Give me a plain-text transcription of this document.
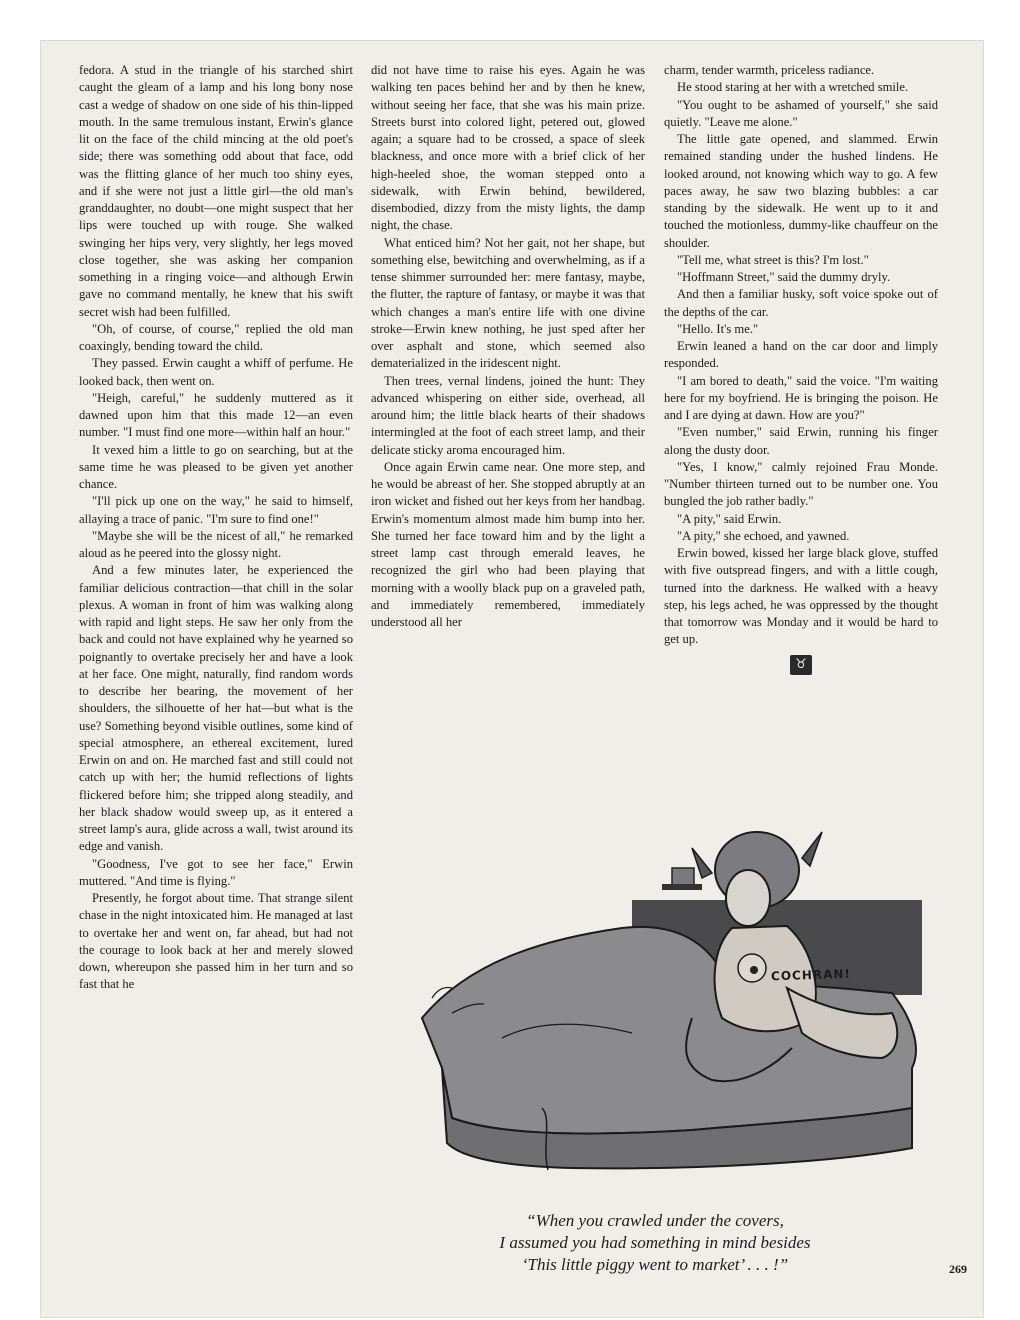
fedora. A stud in the triangle of his starched shirt caught the gleam of a lamp and his long bony nose cast a wedge of shadow on one side of his thin-lipped mouth. In the same tremulous instant, Erwin's glance lit on the face of the child mincing at the old poet's side; there was something odd about that face, odd was the flitting glance of her much too shiny eyes, and if she were not just a little girl—the old man's granddaughter, no doubt—one might suspect that her lips were touched up with rouge. She walked swinging her hips very, very slightly, her legs moved close together, she was asking her companion something in a ringing voice—and although Erwin gave no command mentally, he knew that his swift secret wish had been fulfilled.

"Oh, of course, of course," replied the old man coaxingly, bending toward the child.

They passed. Erwin caught a whiff of perfume. He looked back, then went on.

"Heigh, careful," he suddenly muttered as it dawned upon him that this made 12—an even number. "I must find one more—within half an hour."

It vexed him a little to go on searching, but at the same time he was pleased to be given yet another chance.

"I'll pick up one on the way," he said to himself, allaying a trace of panic. "I'm sure to find one!"

"Maybe she will be the nicest of all," he remarked aloud as he peered into the glossy night.

And a few minutes later, he experienced the familiar delicious contraction—that chill in the solar plexus. A woman in front of him was walking along with rapid and light steps. He saw her only from the back and could not have explained why he yearned so poignantly to overtake precisely her and have a look at her face. One might, naturally, find random words to describe her bearing, the movement of her shoulders, the silhouette of her hat—but what is the use? Something beyond visible outlines, some kind of special atmosphere, an ethereal excitement, lured Erwin on and on. He marched fast and still could not catch up with her; the humid reflections of lights flickered before him; she tripped along steadily, and her black shadow would sweep up, as it entered a street lamp's aura, glide across a wall, twist around its edge and vanish.

"Goodness, I've got to see her face," Erwin muttered. "And time is flying."

Presently, he forgot about time. That strange silent chase in the night intoxicated him. He managed at last to overtake her and went on, far ahead, but had not the courage to look back at her and merely slowed down, whereupon she passed him in her turn and so fast that he

did not have time to raise his eyes. Again he was walking ten paces behind her and by then he knew, without seeing her face, that she was his main prize. Streets burst into colored light, petered out, glowed again; a square had to be crossed, a space of sleek blackness, and once more with a brief click of her high-heeled shoe, the woman stepped onto a sidewalk, with Erwin behind, bewildered, disembodied, dizzy from the misty lights, the damp night, the chase.

What enticed him? Not her gait, not her shape, but something else, bewitching and overwhelming, as if a tense shimmer surrounded her: mere fantasy, maybe, the flutter, the rapture of fantasy, or maybe it was that which changes a man's entire life with one divine stroke—Erwin knew nothing, he just sped after her over asphalt and stone, which seemed also dematerialized in the iridescent night.

Then trees, vernal lindens, joined the hunt: They advanced whispering on either side, overhead, all around him; the little black hearts of their shadows intermingled at the foot of each street lamp, and their delicate sticky aroma encouraged him.

Once again Erwin came near. One more step, and he would be abreast of her. She stopped abruptly at an iron wicket and fished out her keys from her handbag. Erwin's momentum almost made him bump into her. She turned her face toward him and by the light a street lamp cast through emerald leaves, he recognized the girl who had been playing that morning with a woolly black pup on a graveled path, and immediately remembered, immediately understood all her

charm, tender warmth, priceless radiance.

He stood staring at her with a wretched smile.

"You ought to be ashamed of yourself," she said quietly. "Leave me alone."

The little gate opened, and slammed. Erwin remained standing under the hushed lindens. He looked around, not knowing which way to go. A few paces away, he saw two blazing bubbles: a car standing by the sidewalk. He went up to it and touched the motionless, dummy-like chauffeur on the shoulder.

"Tell me, what street is this? I'm lost."

"Hoffmann Street," said the dummy dryly.

And then a familiar husky, soft voice spoke out of the depths of the car.

"Hello. It's me."

Erwin leaned a hand on the car door and limply responded.

"I am bored to death," said the voice. "I'm waiting here for my boyfriend. He is bringing the poison. He and I are dying at dawn. How are you?"

"Even number," said Erwin, running his finger along the dusty door.

"Yes, I know," calmly rejoined Frau Monde. "Number thirteen turned out to be number one. You bungled the job rather badly."

"A pity," said Erwin.

"A pity," she echoed, and yawned.

Erwin bowed, kissed her large black glove, stuffed with five outspread fingers, and with a little cough, turned into the darkness. He walked with a heavy step, his legs ached, he was oppressed by the thought that tomorrow was Monday and it would be hard to get up.

♉
COCHRAN!
“When you crawled under the covers,
I assumed you had something in mind besides
‘This little piggy went to market’ . . . !”	269
